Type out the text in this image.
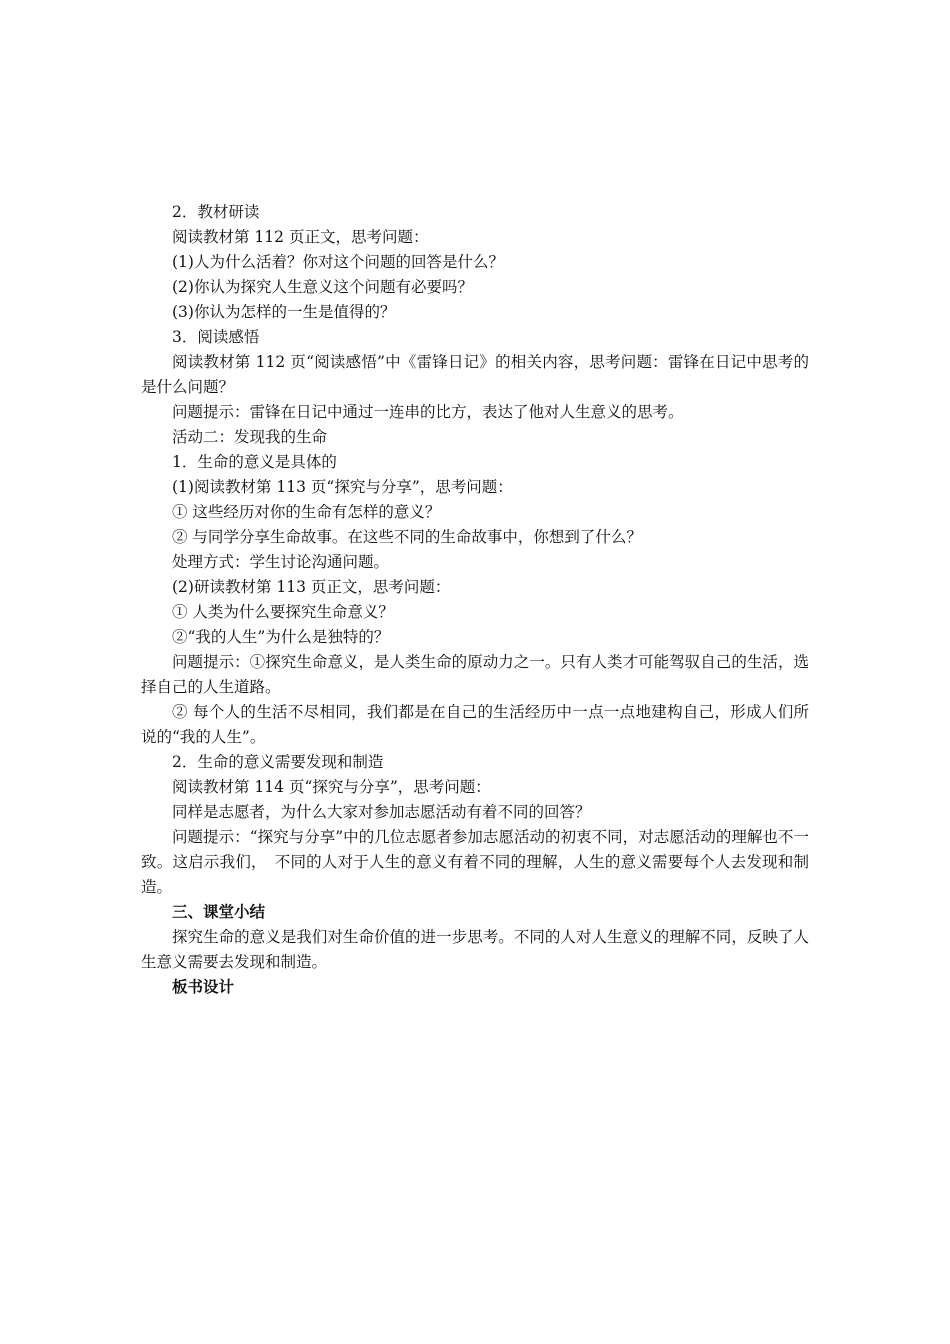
2．教材研读

阅读教材第 112 页正文，思考问题：

(1)人为什么活着？你对这个问题的回答是什么？

(2)你认为探究人生意义这个问题有必要吗？

(3)你认为怎样的一生是值得的？

3．阅读感悟

阅读教材第 112 页“阅读感悟”中《雷锋日记》的相关内容，思考问题：雷锋在日记中思考的是什么问题？

问题提示：雷锋在日记中通过一连串的比方，表达了他对人生意义的思考。

活动二：发现我的生命

1．生命的意义是具体的

(1)阅读教材第 113 页“探究与分享”，思考问题：

① 这些经历对你的生命有怎样的意义？

② 与同学分享生命故事。在这些不同的生命故事中，你想到了什么？

处理方式：学生讨论沟通问题。

(2)研读教材第 113 页正文，思考问题：

① 人类为什么要探究生命意义？

②“我的人生”为什么是独特的？

问题提示：①探究生命意义，是人类生命的原动力之一。只有人类才可能驾驭自己的生活，选择自己的人生道路。

② 每个人的生活不尽相同，我们都是在自己的生活经历中一点一点地建构自己，形成人们所说的“我的人生”。

2．生命的意义需要发现和制造

阅读教材第 114 页“探究与分享”，思考问题：

同样是志愿者，为什么大家对参加志愿活动有着不同的回答？

问题提示：“探究与分享”中的几位志愿者参加志愿活动的初衷不同，对志愿活动的理解也不一致。这启示我们，　不同的人对于人生的意义有着不同的理解，人生的意义需要每个人去发现和制造。

三、课堂小结

探究生命的意义是我们对生命价值的进一步思考。不同的人对人生意义的理解不同，反映了人生意义需要去发现和制造。

板书设计
